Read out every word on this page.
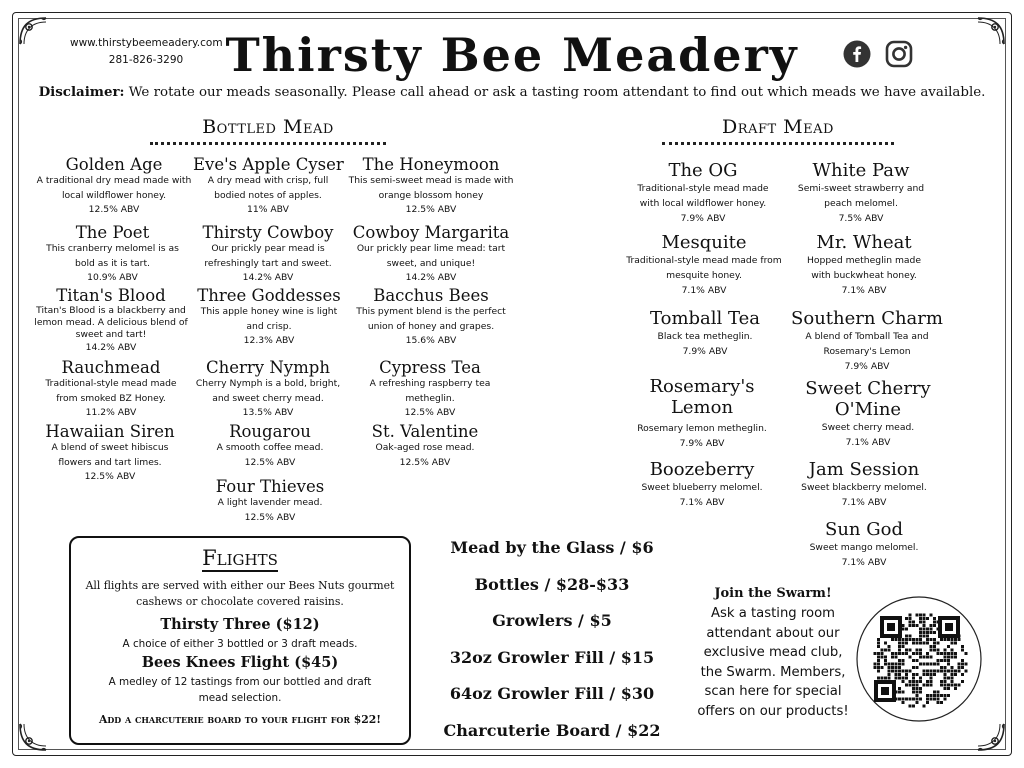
www.thirstybeemeadery.com
281-826-3290 Thirsty Bee Meadery
Disclaimer: We rotate our meads seasonally. Please call ahead or ask a tasting room attendant to find out which meads we have available.
Bottled Mead	Draft Mead
Golden Age
A traditional dry mead made with local wildflower honey.
12.5% ABV
Eve's Apple Cyser
A dry mead with crisp, full bodied notes of apples.
11% ABV
The Honeymoon
This semi-sweet mead is made with orange blossom honey
12.5% ABV
The Poet
This cranberry melomel is as bold as it is tart.
10.9% ABV
Thirsty Cowboy
Our prickly pear mead is refreshingly tart and sweet.
14.2% ABV
Cowboy Margarita
Our prickly pear lime mead: tart sweet, and unique!
14.2% ABV
Titan's Blood
Titan's Blood is a blackberry and lemon mead. A delicious blend of sweet and tart!
14.2% ABV
Three Goddesses
This apple honey wine is light and crisp.
12.3% ABV
Bacchus Bees
This pyment blend is the perfect union of honey and grapes.
15.6% ABV
Rauchmead
Traditional-style mead made from smoked BZ Honey.
11.2% ABV
Cherry Nymph
Cherry Nymph is a bold, bright, and sweet cherry mead.
13.5% ABV
Cypress Tea
A refreshing raspberry tea metheglin.
12.5% ABV
Hawaiian Siren
A blend of sweet hibiscus flowers and tart limes.
12.5% ABV
Rougarou
A smooth coffee mead.
12.5% ABV
St. Valentine
Oak-aged rose mead.
12.5% ABV
Four Thieves
A light lavender mead.
12.5% ABV
The OG
Traditional-style mead made with local wildflower honey.
7.9% ABV
White Paw
Semi-sweet strawberry and peach melomel.
7.5% ABV
Mesquite
Traditional-style mead made from mesquite honey.
7.1% ABV
Mr. Wheat
Hopped metheglin made with buckwheat honey.
7.1% ABV
Tomball Tea
Black tea metheglin.
7.9% ABV
Southern Charm
A blend of Tomball Tea and Rosemary's Lemon
7.9% ABV
Rosemary's Lemon
Rosemary lemon metheglin.
7.9% ABV
Sweet Cherry O'Mine
Sweet cherry mead.
7.1% ABV
Boozeberry
Sweet blueberry melomel.
7.1% ABV
Jam Session
Sweet blackberry melomel.
7.1% ABV
Sun God
Sweet mango melomel.
7.1% ABV
Flights
All flights are served with either our Bees Nuts gourmet cashews or chocolate covered raisins.
Thirsty Three ($12)
A choice of either 3 bottled or 3 draft meads.
Bees Knees Flight ($45)
A medley of 12 tastings from our bottled and draft mead selection.
Add a charcuterie board to your flight for $22!
Mead by the Glass / $6
Bottles / $28-$33
Growlers / $5
32oz Growler Fill / $15
64oz Growler Fill / $30
Charcuterie Board / $22
Join the Swarm!
Ask a tasting room attendant about our exclusive mead club, the Swarm. Members, scan here for special offers on our products!
